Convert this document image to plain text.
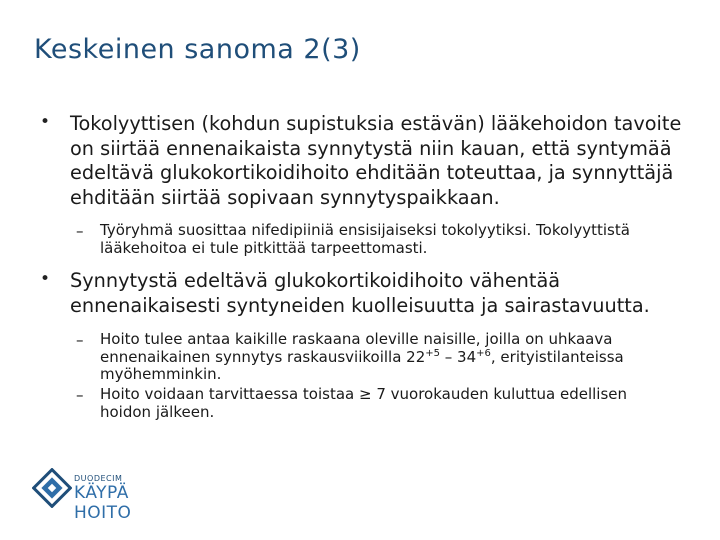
Keskeinen sanoma 2(3)
• Tokolyyttisen (kohdun supistuksia estävän) lääkehoidon tavoite on siirtää ennenaikaista synnytystä niin kauan, että syntymää edeltävä glukokortikoidihoito ehditään toteuttaa, ja synnyttäjä ehditään siirtää sopivaan synnytyspaikkaan.
– Työryhmä suosittaa nifedipiiniä ensisijaiseksi tokolyytiksi. Tokolyyttistä lääkehoitoa ei tule pitkittää tarpeettomasti.
• Synnytystä edeltävä glukokortikoidihoito vähentää ennenaikaisesti syntyneiden kuolleisuutta ja sairastavuutta.
– Hoito tulee antaa kaikille raskaana oleville naisille, joilla on uhkaava ennenaikainen synnytys raskausviikoilla $22^{+5} - 34^{+6}$, erityistilanteissa myöhemminkin.
– Hoito voidaan tarvittaessa toistaa ≥ 7 vuorokauden kuluttua edellisen hoidon jälkeen.
DUODECIM
KÄYPÄ HOITO
